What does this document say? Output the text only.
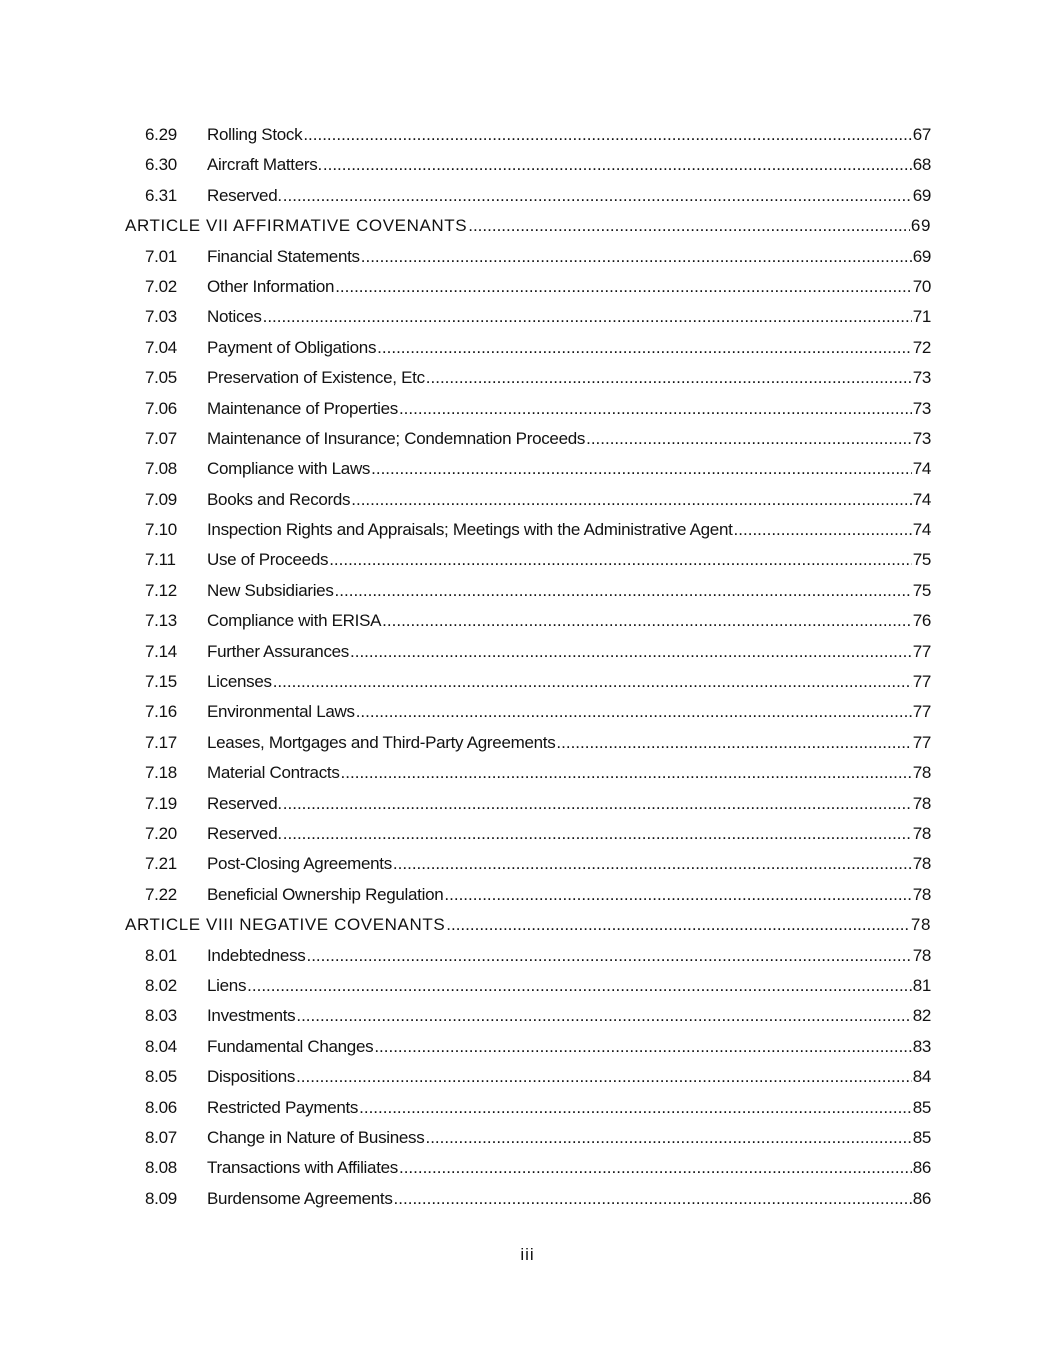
6.29	Rolling Stock .....	67
6.30	Aircraft Matters. .....	68
6.31	Reserved. .....	69
ARTICLE VII AFFIRMATIVE COVENANTS .....	69
7.01	Financial Statements .....	69
7.02	Other Information .....	70
7.03	Notices .....	71
7.04	Payment of Obligations .....	72
7.05	Preservation of Existence, Etc .....	73
7.06	Maintenance of Properties .....	73
7.07	Maintenance of Insurance; Condemnation Proceeds .....	73
7.08	Compliance with Laws .....	74
7.09	Books and Records .....	74
7.10	Inspection Rights and Appraisals; Meetings with the Administrative Agent .....	74
7.11	Use of Proceeds .....	75
7.12	New Subsidiaries .....	75
7.13	Compliance with ERISA .....	76
7.14	Further Assurances .....	77
7.15	Licenses .....	77
7.16	Environmental Laws .....	77
7.17	Leases, Mortgages and Third-Party Agreements .....	77
7.18	Material Contracts .....	78
7.19	Reserved. .....	78
7.20	Reserved. .....	78
7.21	Post-Closing Agreements .....	78
7.22	Beneficial Ownership Regulation .....	78
ARTICLE VIII NEGATIVE COVENANTS .....	78
8.01	Indebtedness .....	78
8.02	Liens .....	81
8.03	Investments .....	82
8.04	Fundamental Changes .....	83
8.05	Dispositions .....	84
8.06	Restricted Payments .....	85
8.07	Change in Nature of Business .....	85
8.08	Transactions with Affiliates .....	86
8.09	Burdensome Agreements .....	86
iii
